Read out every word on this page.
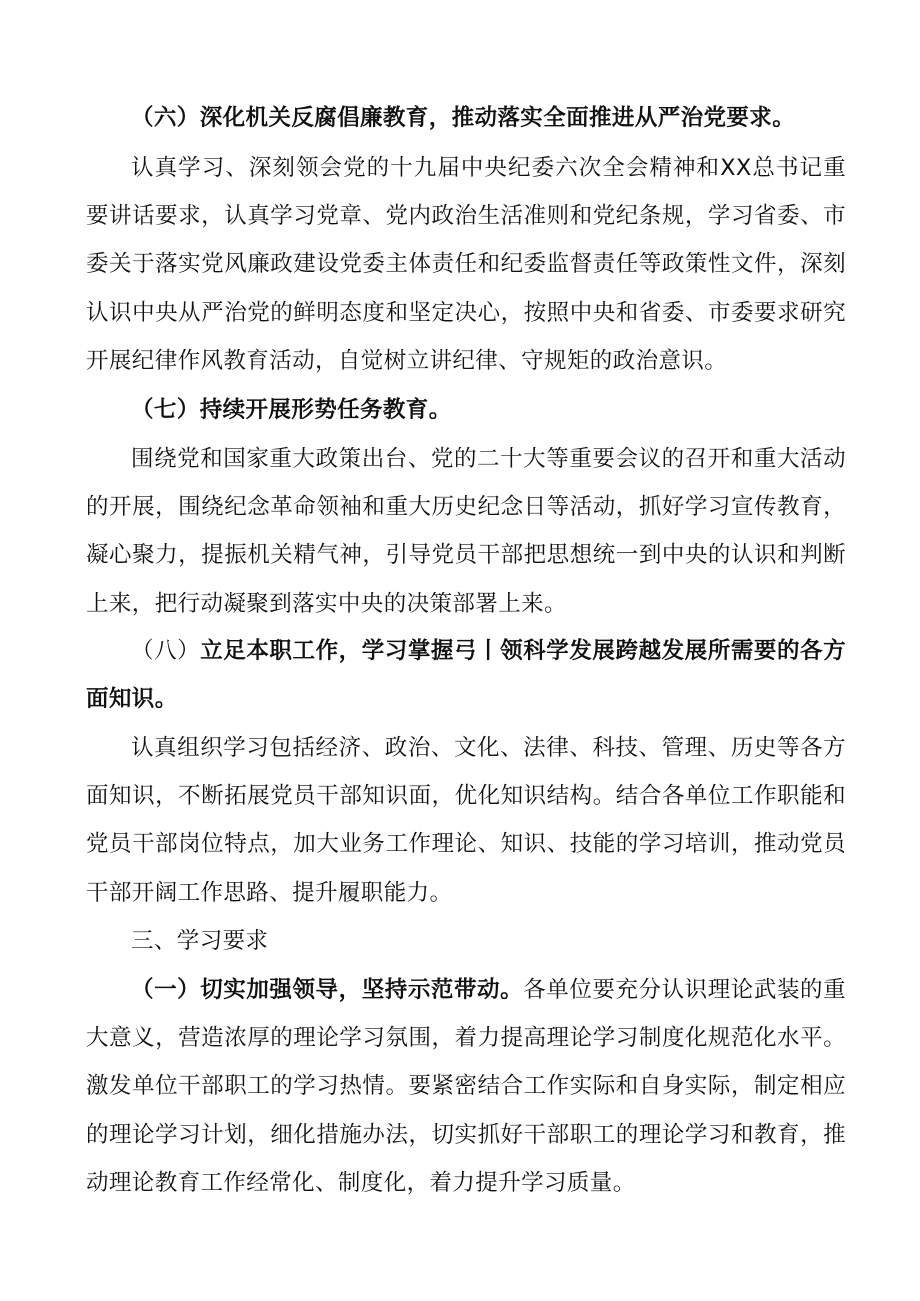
（六）深化机关反腐倡廉教育，推动落实全面推进从严治党要求。

认真学习、深刻领会党的十九届中央纪委六次全会精神和XX总书记重要讲话要求，认真学习党章、党内政治生活准则和党纪条规，学习省委、市委关于落实党风廉政建设党委主体责任和纪委监督责任等政策性文件，深刻认识中央从严治党的鲜明态度和坚定决心，按照中央和省委、市委要求研究开展纪律作风教育活动，自觉树立讲纪律、守规矩的政治意识。

（七）持续开展形势任务教育。

围绕党和国家重大政策出台、党的二十大等重要会议的召开和重大活动的开展，围绕纪念革命领袖和重大历史纪念日等活动，抓好学习宣传教育，凝心聚力，提振机关精气神，引导党员干部把思想统一到中央的认识和判断上来，把行动凝聚到落实中央的决策部署上来。

（八）立足本职工作，学习掌握弓丨领科学发展跨越发展所需要的各方面知识。

认真组织学习包括经济、政治、文化、法律、科技、管理、历史等各方面知识，不断拓展党员干部知识面，优化知识结构。结合各单位工作职能和党员干部岗位特点，加大业务工作理论、知识、技能的学习培训，推动党员干部开阔工作思路、提升履职能力。

三、学习要求

（一）切实加强领导，坚持示范带动。各单位要充分认识理论武装的重大意义，营造浓厚的理论学习氛围，着力提高理论学习制度化规范化水平。激发单位干部职工的学习热情。要紧密结合工作实际和自身实际，制定相应的理论学习计划，细化措施办法，切实抓好干部职工的理论学习和教育，推动理论教育工作经常化、制度化，着力提升学习质量。
